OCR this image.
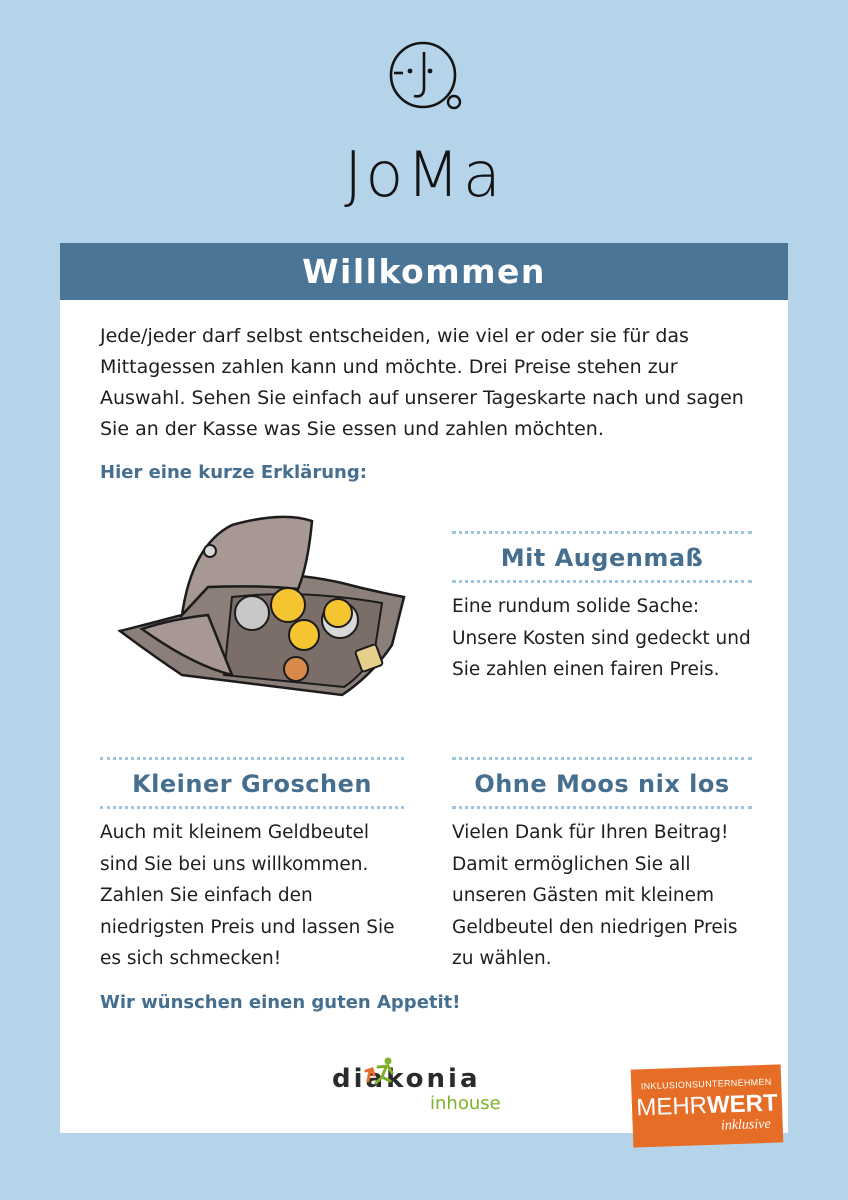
JoMa
Willkommen

Jede/jeder darf selbst entscheiden, wie viel er oder sie für das Mittagessen zahlen kann und möchte. Drei Preise stehen zur Auswahl. Sehen Sie einfach auf unserer Tageskarte nach und sagen Sie an der Kasse was Sie essen und zahlen möchten.

Hier eine kurze Erklärung:
Mit Augenmaß

Eine rundum solide Sache: Unsere Kosten sind gedeckt und Sie zahlen einen fairen Preis.

Kleiner Groschen

Auch mit kleinem Geldbeutel sind Sie bei uns willkommen. Zahlen Sie einfach den niedrigsten Preis und lassen Sie es sich schmecken!

Ohne Moos nix los

Vielen Dank für Ihren Beitrag! Damit ermöglichen Sie all unseren Gästen mit kleinem Geldbeutel den niedrigen Preis zu wählen.

Wir wünschen einen guten Appetit!
diakonia
inhouse
INKLUSIONSUNTERNEHMEN
MEHRWERT
inklusive
